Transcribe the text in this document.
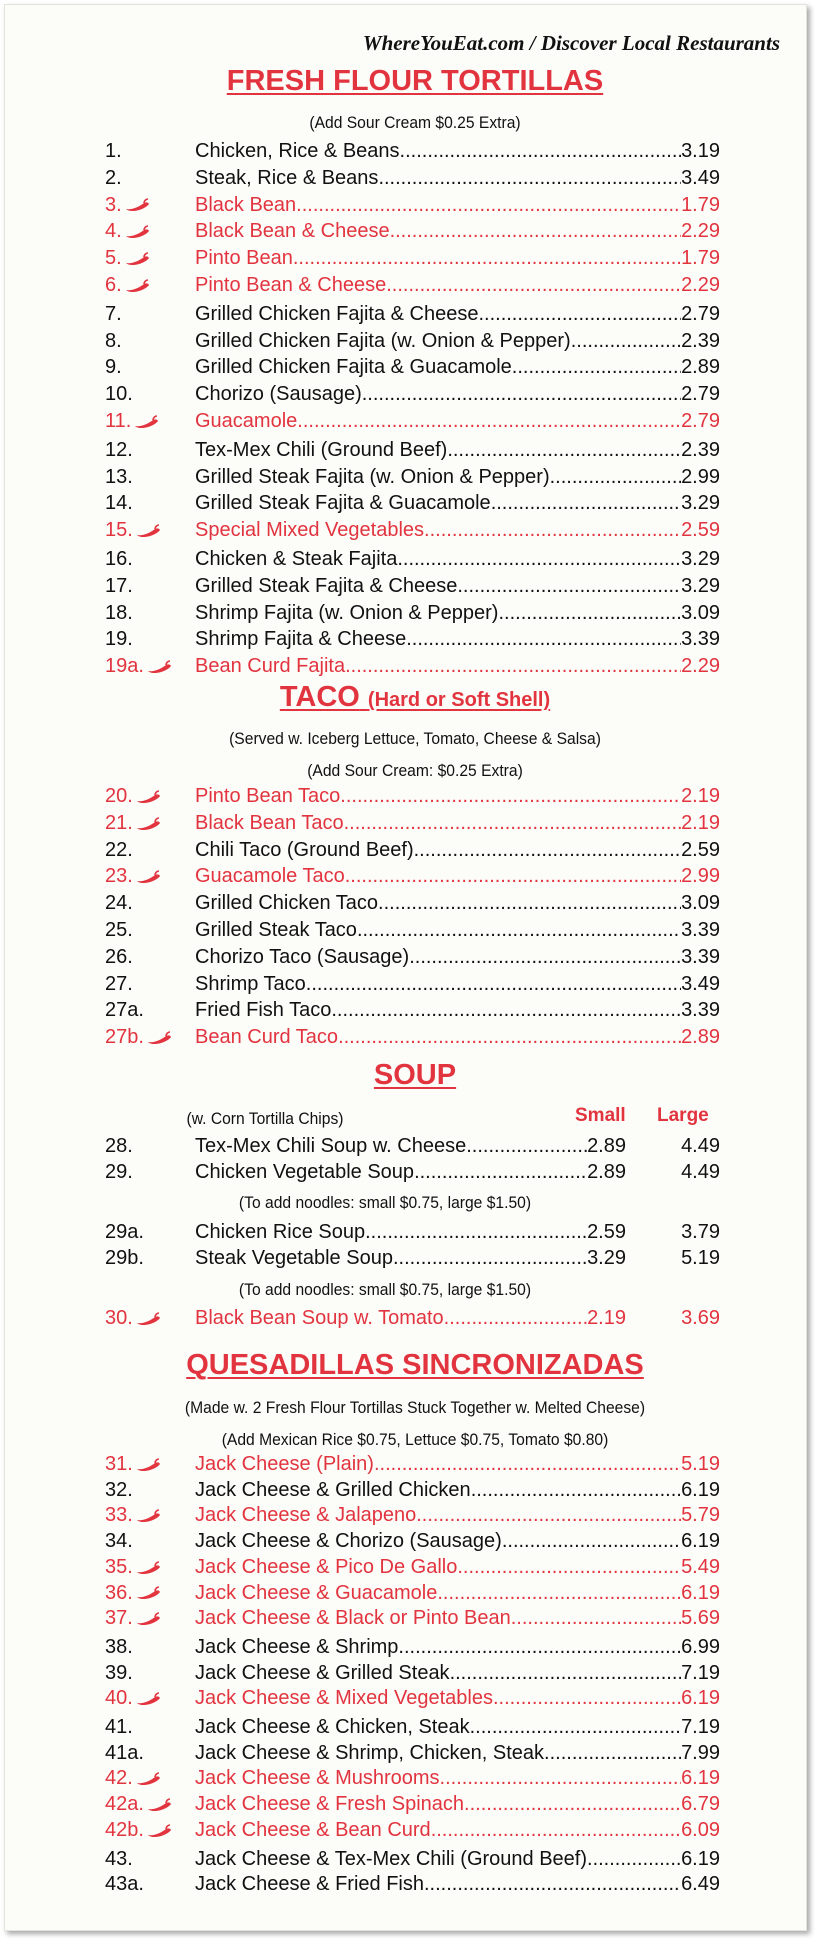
WhereYouEat.com / Discover Local Restaurants
FRESH FLOUR TORTILLAS
(Add Sour Cream $0.25 Extra)
1.	Chicken, Rice & Beans .....	3.19
2.	Steak, Rice & Beans .....	3.49
3.	Black Bean .....	1.79
4.	Black Bean & Cheese .....	2.29
5.	Pinto Bean .....	1.79
6.	Pinto Bean & Cheese .....	2.29
7.	Grilled Chicken Fajita & Cheese .....	2.79
8.	Grilled Chicken Fajita (w. Onion & Pepper) .....	2.39
9.	Grilled Chicken Fajita & Guacamole .....	2.89
10.	Chorizo (Sausage) .....	2.79
11.	Guacamole .....	2.79
12.	Tex-Mex Chili (Ground Beef) .....	2.39
13.	Grilled Steak Fajita (w. Onion & Pepper) .....	2.99
14.	Grilled Steak Fajita & Guacamole .....	3.29
15.	Special Mixed Vegetables .....	2.59
16.	Chicken & Steak Fajita .....	3.29
17.	Grilled Steak Fajita & Cheese .....	3.29
18.	Shrimp Fajita (w. Onion & Pepper) .....	3.09
19.	Shrimp Fajita & Cheese .....	3.39
19a.	Bean Curd Fajita .....	2.29
TACO (Hard or Soft Shell)
(Served w. Iceberg Lettuce, Tomato, Cheese & Salsa)
(Add Sour Cream: $0.25 Extra)
20.	Pinto Bean Taco .....	2.19
21.	Black Bean Taco .....	2.19
22.	Chili Taco (Ground Beef) .....	2.59
23.	Guacamole Taco .....	2.99
24.	Grilled Chicken Taco .....	3.09
25.	Grilled Steak Taco .....	3.39
26.	Chorizo Taco (Sausage) .....	3.39
27.	Shrimp Taco .....	3.49
27a.	Fried Fish Taco .....	3.39
27b.	Bean Curd Taco .....	2.89
SOUP
(w. Corn Tortilla Chips)	Small Large
28.	Tex-Mex Chili Soup w. Cheese .....	2.89	4.49
29.	Chicken Vegetable Soup .....	2.89	4.49
29a.	Chicken Rice Soup .....	2.59	3.79
29b.	Steak Vegetable Soup .....	3.29	5.19
30.	Black Bean Soup w. Tomato .....	2.19	3.69
(To add noodles: small $0.75, large $1.50)
(To add noodles: small $0.75, large $1.50)
QUESADILLAS SINCRONIZADAS
(Made w. 2 Fresh Flour Tortillas Stuck Together w. Melted Cheese)
(Add Mexican Rice $0.75, Lettuce $0.75, Tomato $0.80)
31.	Jack Cheese (Plain) .....	5.19
32.	Jack Cheese & Grilled Chicken .....	6.19
33.	Jack Cheese & Jalapeno .....	5.79
34.	Jack Cheese & Chorizo (Sausage) .....	6.19
35.	Jack Cheese & Pico De Gallo .....	5.49
36.	Jack Cheese & Guacamole .....	6.19
37.	Jack Cheese & Black or Pinto Bean .....	5.69
38.	Jack Cheese & Shrimp .....	6.99
39.	Jack Cheese & Grilled Steak .....	7.19
40.	Jack Cheese & Mixed Vegetables .....	6.19
41.	Jack Cheese & Chicken, Steak .....	7.19
41a.	Jack Cheese & Shrimp, Chicken, Steak .....	7.99
42.	Jack Cheese & Mushrooms .....	6.19
42a.	Jack Cheese & Fresh Spinach .....	6.79
42b.	Jack Cheese & Bean Curd .....	6.09
43.	Jack Cheese & Tex-Mex Chili (Ground Beef) .....	6.19
43a.	Jack Cheese & Fried Fish .....	6.49
